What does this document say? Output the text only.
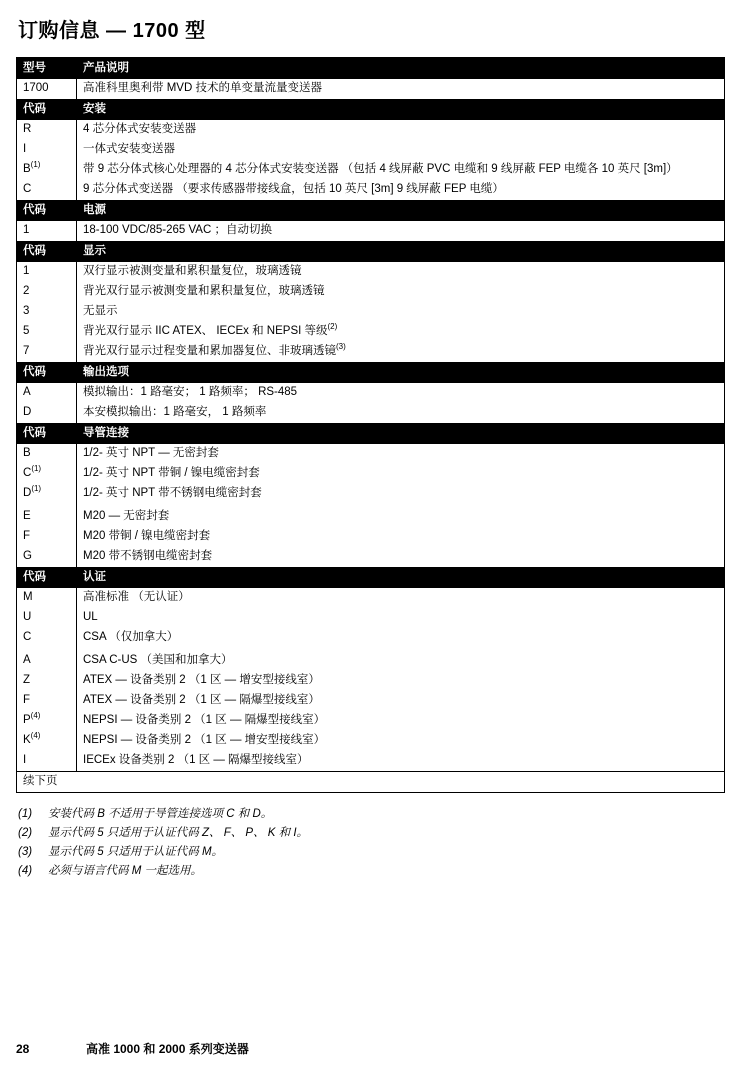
订购信息 — 1700 型
型号	产品说明
1700	高准科里奥利带 MVD 技术的单变量流量变送器
代码	安装
R	4 芯分体式安装变送器
I	一体式安装变送器
$B^{(1)}$	带 9 芯分体式核心处理器的 4 芯分体式安装变送器 （包括 4 线屏蔽 PVC 电缆和 9 线屏蔽 FEP 电缆各 10 英尺 [3m]）
C	9 芯分体式变送器 （要求传感器带接线盒，包括 10 英尺 [3m] 9 线屏蔽 FEP 电缆）
代码	电源
1	18-100 VDC/85-265 VAC ；自动切换
代码	显示
1	双行显示被测变量和累积量复位，玻璃透镜
2	背光双行显示被测变量和累积量复位，玻璃透镜
3	无显示
5	背光双行显示 IIC ATEX、 IECEx 和 NEPSI 等级$^{(2)}$
7	背光双行显示过程变量和累加器复位、非玻璃透镜$^{(3)}$
代码	输出选项
A	模拟输出：1 路毫安； 1 路频率； RS-485
D	本安模拟输出：1 路毫安， 1 路频率
代码	导管连接
B	1/2- 英寸 NPT — 无密封套
$C^{(1)}$	1/2- 英寸 NPT 带铜 / 镍电缆密封套
$D^{(1)}$	1/2- 英寸 NPT 带不锈钢电缆密封套

E	M20 — 无密封套
F	M20 带铜 / 镍电缆密封套
G	M20 带不锈钢电缆密封套
代码	认证
M	高准标准 （无认证）
U	UL
C	CSA （仅加拿大）

A	CSA C-US （美国和加拿大）
Z	ATEX — 设备类别 2 （1 区 — 增安型接线室）
F	ATEX — 设备类别 2 （1 区 — 隔爆型接线室）
$P^{(4)}$	NEPSI — 设备类别 2 （1 区 — 隔爆型接线室）
$K^{(4)}$	NEPSI — 设备类别 2 （1 区 — 增安型接线室）
I	IECEx 设备类别 2 （1 区 — 隔爆型接线室）
续下页	
(1) 安装代码 B 不适用于导管连接选项 C 和 D。
(2) 显示代码 5 只适用于认证代码 Z、 F、 P、 K 和 I。
(3) 显示代码 5 只适用于认证代码 M。
(4) 必须与语言代码 M 一起选用。
28	高准 1000 和 2000 系列变送器
